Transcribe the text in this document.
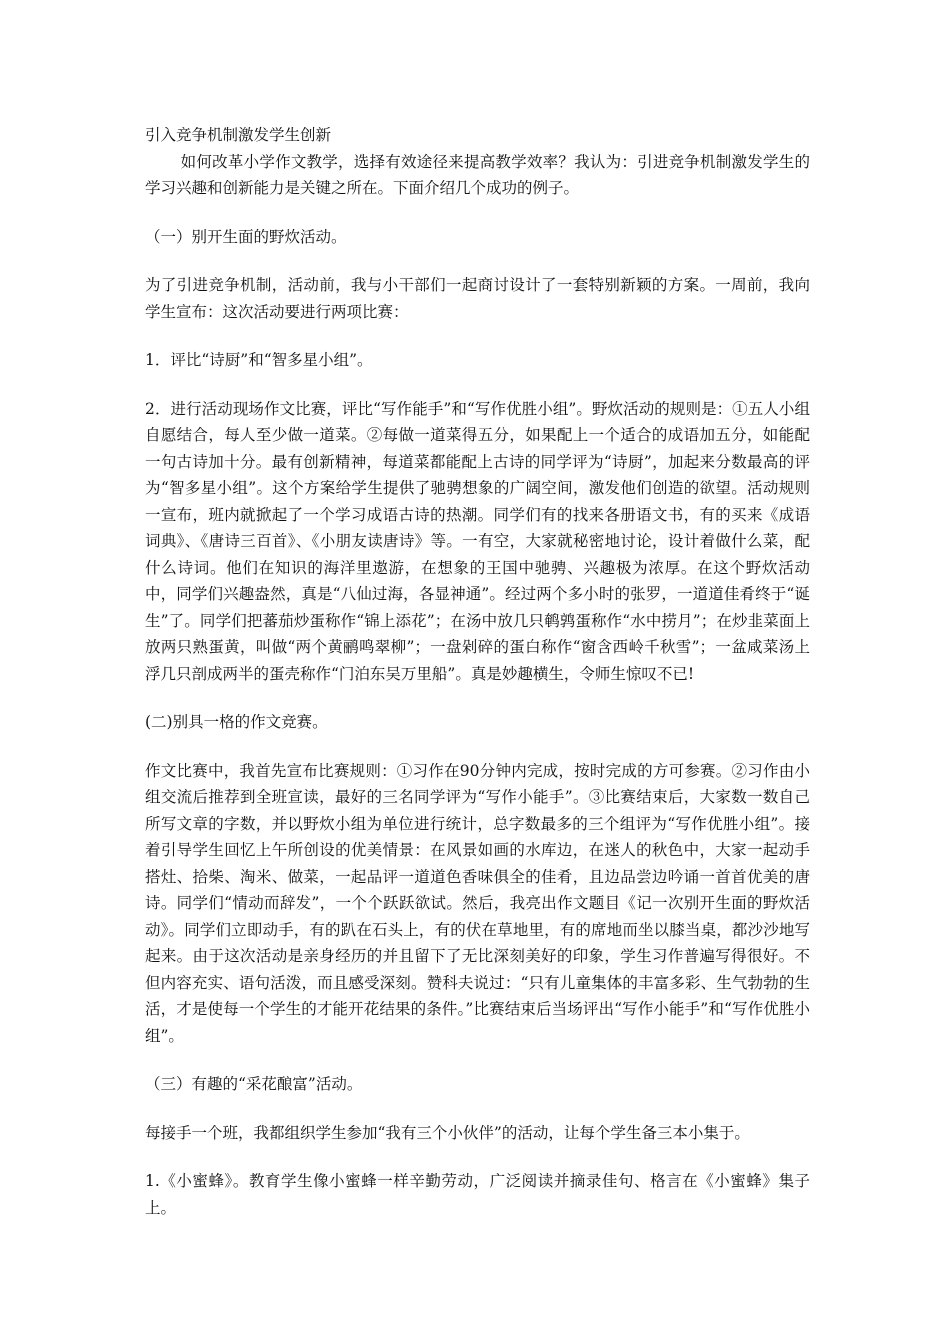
引入竞争机制激发学生创新

如何改革小学作文教学，选择有效途径来提高教学效率？我认为：引进竞争机制激发学生的学习兴趣和创新能力是关键之所在。下面介绍几个成功的例子。

（一）别开生面的野炊活动。

为了引进竞争机制，活动前，我与小干部们一起商讨设计了一套特别新颖的方案。一周前，我向学生宣布：这次活动要进行两项比赛：

1．评比“诗厨”和“智多星小组”。

2．进行活动现场作文比赛，评比“写作能手”和“写作优胜小组”。野炊活动的规则是：①五人小组自愿结合，每人至少做一道菜。②每做一道菜得五分，如果配上一个适合的成语加五分，如能配一句古诗加十分。最有创新精神，每道菜都能配上古诗的同学评为“诗厨”，加起来分数最高的评为“智多星小组”。这个方案给学生提供了驰骋想象的广阔空间，激发他们创造的欲望。活动规则一宣布，班内就掀起了一个学习成语古诗的热潮。同学们有的找来各册语文书，有的买来《成语词典》、《唐诗三百首》、《小朋友读唐诗》等。一有空，大家就秘密地讨论，设计着做什么菜，配什么诗词。他们在知识的海洋里遨游，在想象的王国中驰骋、兴趣极为浓厚。在这个野炊活动中，同学们兴趣盎然，真是“八仙过海，各显神通”。经过两个多小时的张罗，一道道佳肴终于“诞生”了。同学们把蕃茄炒蛋称作“锦上添花”；在汤中放几只鹌鹑蛋称作“水中捞月”；在炒韭菜面上放两只熟蛋黄，叫做“两个黄鹂鸣翠柳”；一盘剁碎的蛋白称作“窗含西岭千秋雪”；一盆咸菜汤上浮几只剖成两半的蛋壳称作“门泊东吴万里船”。真是妙趣横生，令师生惊叹不已!

(二)别具一格的作文竞赛。

作文比赛中，我首先宣布比赛规则：①习作在90分钟内完成，按时完成的方可参赛。②习作由小组交流后推荐到全班宣读，最好的三名同学评为“写作小能手”。③比赛结束后，大家数一数自己所写文章的字数，并以野炊小组为单位进行统计，总字数最多的三个组评为“写作优胜小组”。接着引导学生回忆上午所创设的优美情景：在风景如画的水库边，在迷人的秋色中，大家一起动手搭灶、拾柴、淘米、做菜，一起品评一道道色香味俱全的佳肴，且边品尝边吟诵一首首优美的唐诗。同学们“情动而辞发”，一个个跃跃欲试。然后，我亮出作文题目《记一次别开生面的野炊活动》。同学们立即动手，有的趴在石头上，有的伏在草地里，有的席地而坐以膝当桌，都沙沙地写起来。由于这次活动是亲身经历的并且留下了无比深刻美好的印象，学生习作普遍写得很好。不但内容充实、语句活泼，而且感受深刻。赞科夫说过：“只有儿童集体的丰富多彩、生气勃勃的生活，才是使每一个学生的才能开花结果的条件。”比赛结束后当场评出“写作小能手”和“写作优胜小组”。

（三）有趣的“采花酿富”活动。

每接手一个班，我都组织学生参加“我有三个小伙伴”的活动，让每个学生备三本小集于。

1.《小蜜蜂》。教育学生像小蜜蜂一样辛勤劳动，广泛阅读并摘录佳句、格言在《小蜜蜂》集子上。
